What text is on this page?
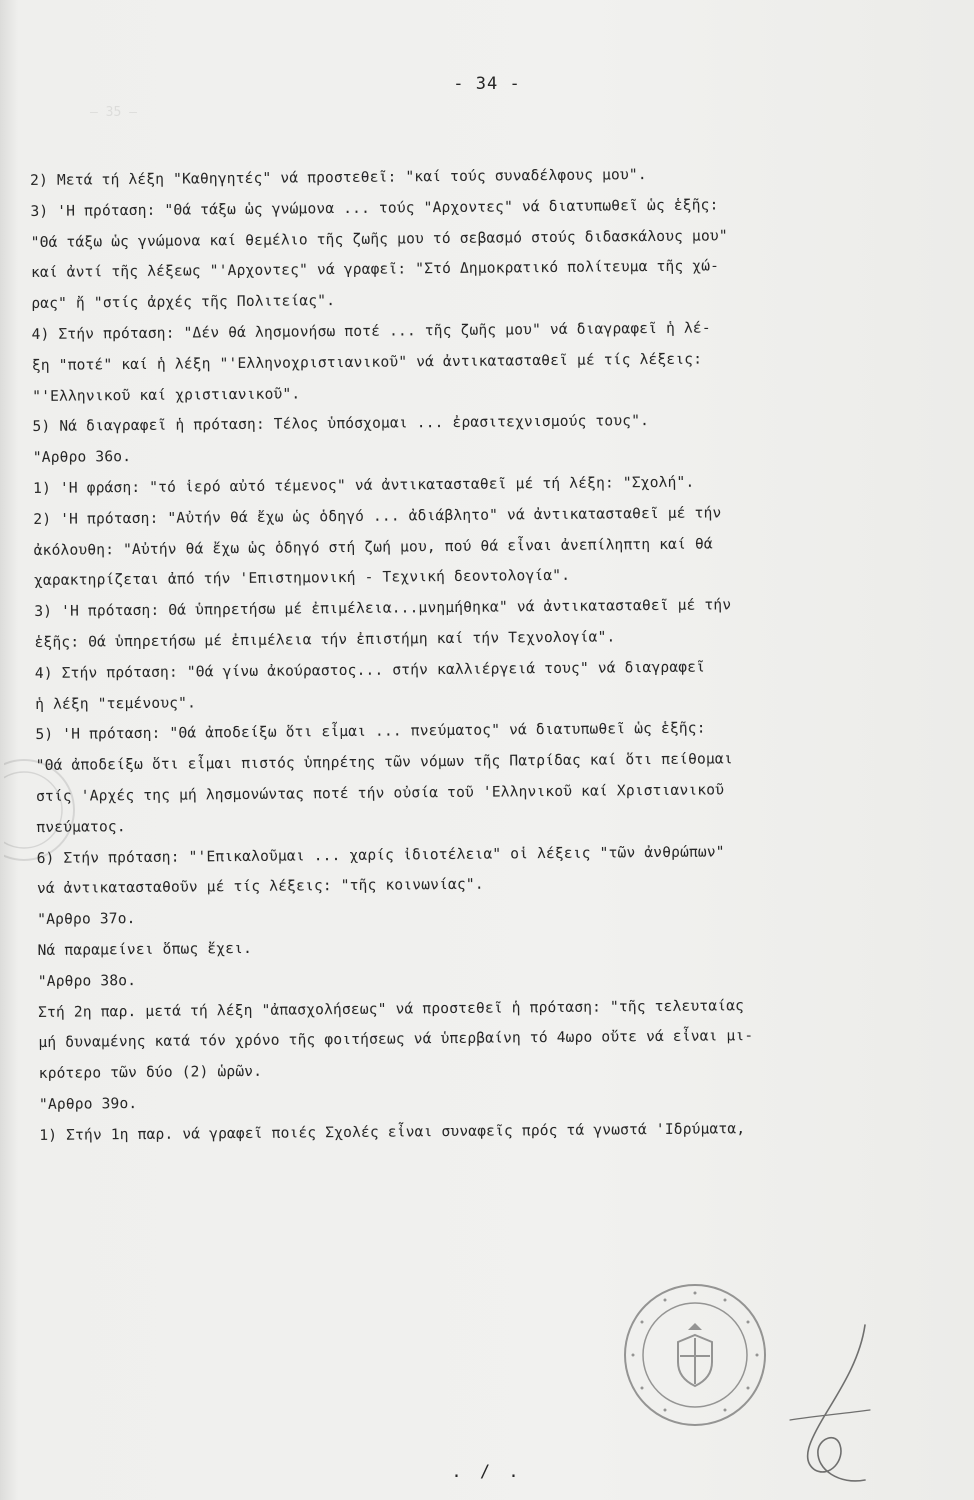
— 35 —
- 34 -
2) Μετά τή λέξη "Καθηγητές" νά προστεθεῖ: "καί τούς συναδέλφους μου".
3) 'Η πρόταση: "Θά τάξω ὡς γνώμονα ... τούς "Αρχοντες" νά διατυπωθεῖ ὡς ἑξῆς:
"Θά τάξω ὡς γνώμονα καί θεμέλιο τῆς ζωῆς μου τό σεβασμό στούς διδασκάλους μου"
καί ἀντί τῆς λέξεως "'Αρχοντες" νά γραφεῖ: "Στό Δημοκρατικό πολίτευμα τῆς χώ-
ρας" ἤ "στίς ἀρχές τῆς Πολιτείας".
4) Στήν πρόταση: "Δέν θά λησμονήσω ποτέ ... τῆς ζωῆς μου" νά διαγραφεῖ ἡ λέ-
ξη "ποτέ" καί ἡ λέξη "'Ελληνοχριστιανικοῦ" νά ἀντικατασταθεῖ μέ τίς λέξεις:
"'Ελληνικοῦ καί χριστιανικοῦ".
5) Νά διαγραφεῖ ἡ πρόταση: Τέλος ὑπόσχομαι ... ἐρασιτεχνισμούς τους".
"Αρθρο 36ο.
1) 'Η φράση: "τό ἱερό αὐτό τέμενος" νά ἀντικατασταθεῖ μέ τή λέξη: "Σχολή".
2) 'Η πρόταση: "Αὐτήν θά ἔχω ὡς ὁδηγό ... ἀδιάβλητο" νά ἀντικατασταθεῖ μέ τήν
ἀκόλουθη: "Αὐτήν θά ἔχω ὡς ὁδηγό στή ζωή μου, πού θά εἶναι ἀνεπίληπτη καί θά
χαρακτηρίζεται ἀπό τήν 'Επιστημονική - Τεχνική δεοντολογία".
3) 'Η πρόταση: Θά ὑπηρετήσω μέ ἐπιμέλεια...μνημήθηκα" νά ἀντικατασταθεῖ μέ τήν
ἑξῆς: Θά ὑπηρετήσω μέ ἐπιμέλεια τήν ἐπιστήμη καί τήν Τεχνολογία".
4) Στήν πρόταση: "Θά γίνω ἀκούραστος... στήν καλλιέργειά τους" νά διαγραφεῖ
ἡ λέξη "τεμένους".
5) 'Η πρόταση: "Θά ἀποδείξω ὅτι εἶμαι ... πνεύματος" νά διατυπωθεῖ ὡς ἑξῆς:
"Θά ἀποδείξω ὅτι εἶμαι πιστός ὑπηρέτης τῶν νόμων τῆς Πατρίδας καί ὅτι πείθομαι
στίς 'Αρχές της μή λησμονώντας ποτέ τήν οὐσία τοῦ 'Ελληνικοῦ καί Χριστιανικοῦ
πνεύματος.
6) Στήν πρόταση: "'Επικαλοῦμαι ... χαρίς ἰδιοτέλεια" οἱ λέξεις "τῶν ἀνθρώπων"
νά ἀντικατασταθοῦν μέ τίς λέξεις: "τῆς κοινωνίας".
"Αρθρο 37ο.
Νά παραμείνει ὅπως ἔχει.
"Αρθρο 38ο.
Στή 2η παρ. μετά τή λέξη "ἀπασχολήσεως" νά προστεθεῖ ἡ πρόταση: "τῆς τελευταίας
μή δυναμένης κατά τόν χρόνο τῆς φοιτήσεως νά ὑπερβαίνη τό 4ωρο οὔτε νά εἶναι μι-
κρότερο τῶν δύο (2) ὡρῶν.
"Αρθρο 39ο.
1) Στήν 1η παρ. νά γραφεῖ ποιές Σχολές εἶναι συναφεῖς πρός τά γνωστά 'Ιδρύματα,
. / .
